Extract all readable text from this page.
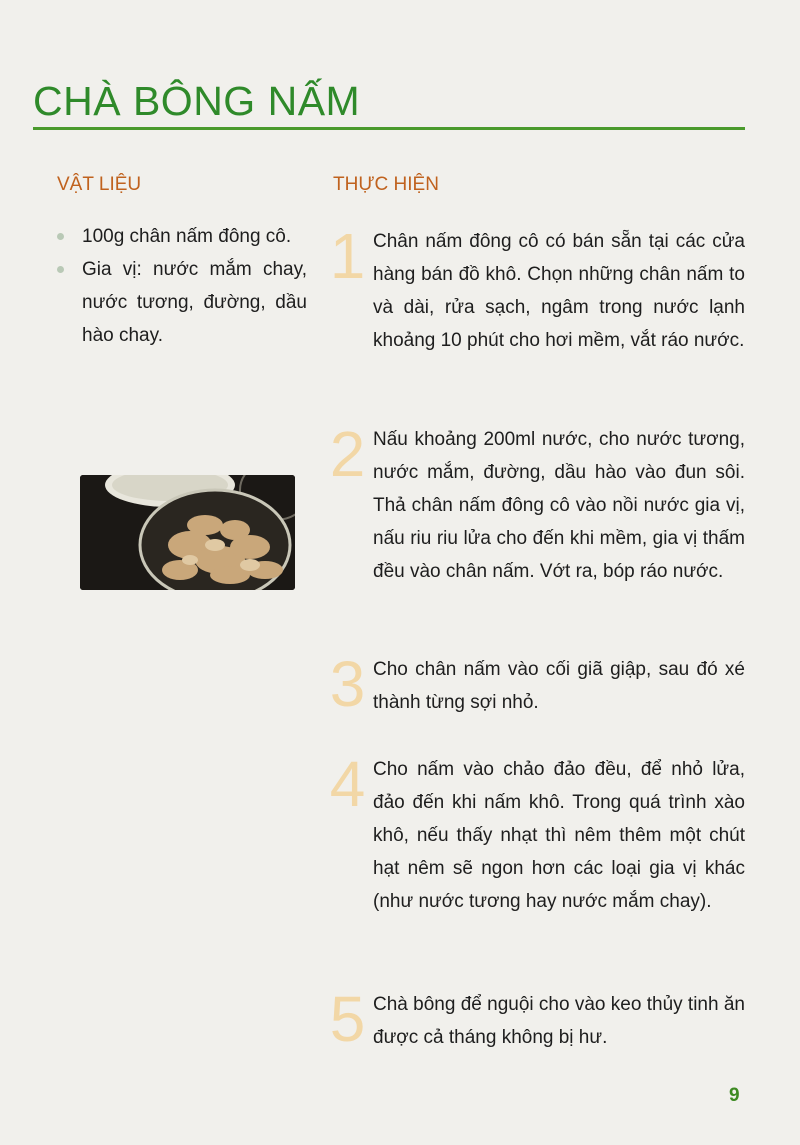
CHÀ BÔNG NẤM
VẬT LIỆU	THỰC HIỆN
100g chân nấm đông cô.
Gia vị: nước mắm chay, nước tương, đường, dầu hào chay.
1 Chân nấm đông cô có bán sẵn tại các cửa hàng bán đồ khô. Chọn những chân nấm to và dài, rửa sạch, ngâm trong nước lạnh khoảng 10 phút cho hơi mềm, vắt ráo nước.
2 Nấu khoảng 200ml nước, cho nước tương, nước mắm, đường, dầu hào vào đun sôi. Thả chân nấm đông cô vào nồi nước gia vị, nấu riu riu lửa cho đến khi mềm, gia vị thấm đều vào chân nấm. Vớt ra, bóp ráo nước.
3 Cho chân nấm vào cối giã giập, sau đó xé thành từng sợi nhỏ.
4 Cho nấm vào chảo đảo đều, để nhỏ lửa, đảo đến khi nấm khô. Trong quá trình xào khô, nếu thấy nhạt thì nêm thêm một chút hạt nêm sẽ ngon hơn các loại gia vị khác (như nước tương hay nước mắm chay).
5 Chà bông để nguội cho vào keo thủy tinh ăn được cả tháng không bị hư.
9
